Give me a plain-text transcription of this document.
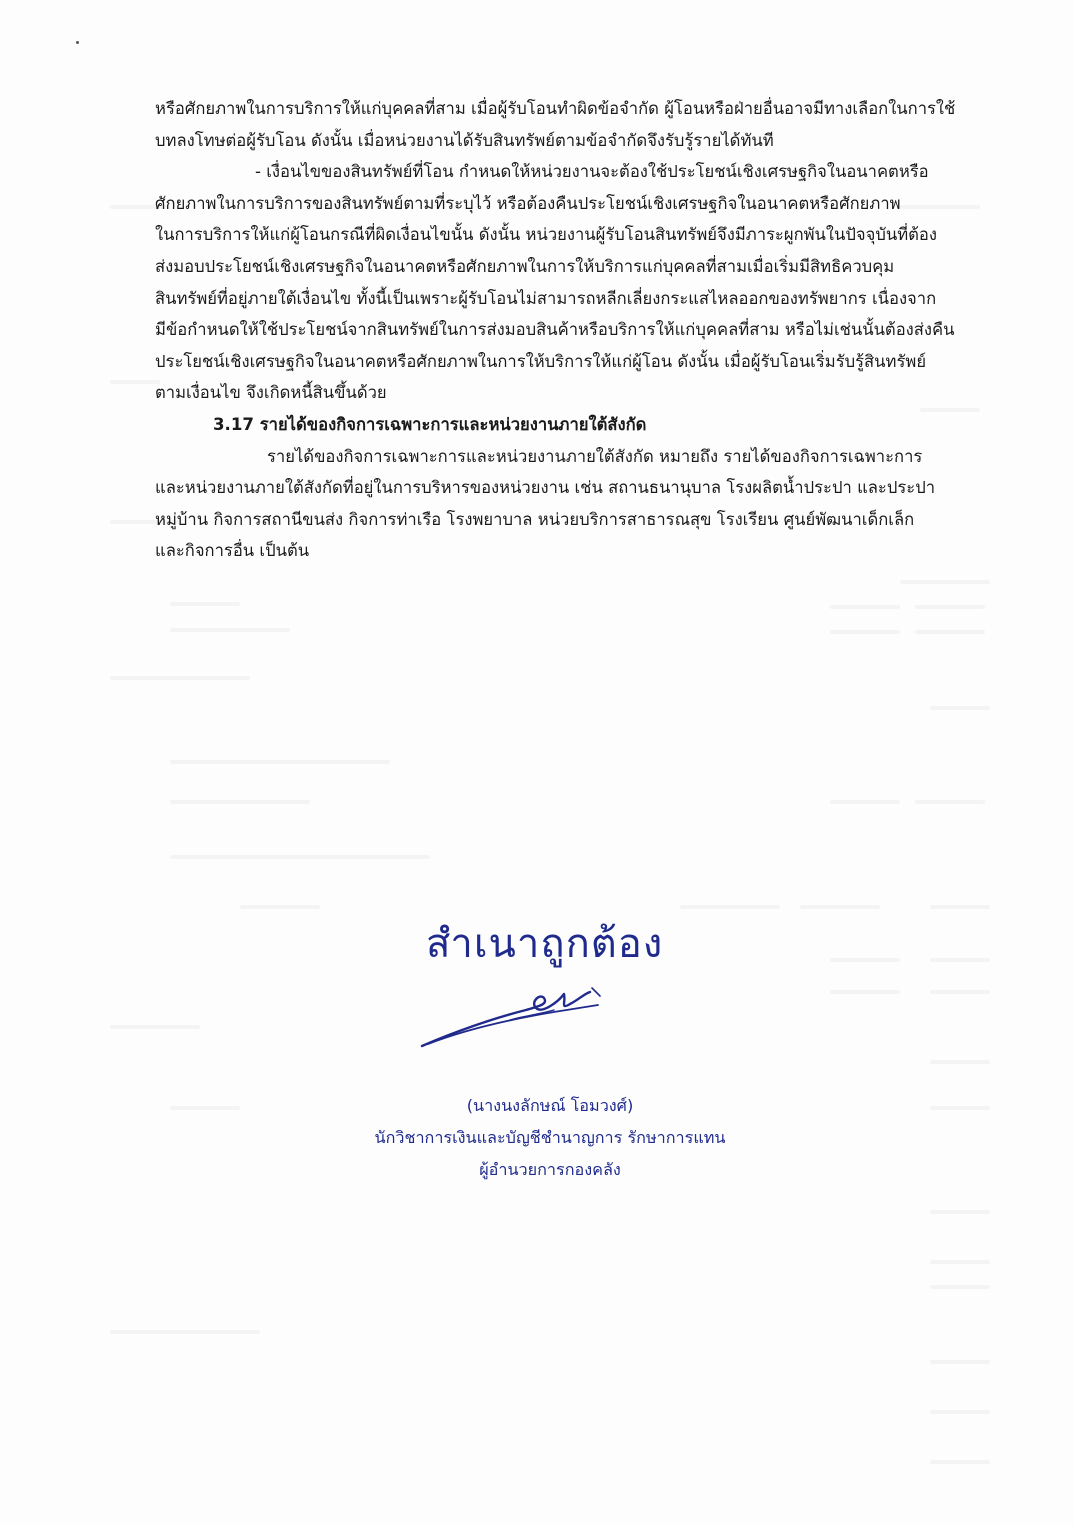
หรือศักยภาพในการบริการให้แก่บุคคลที่สาม เมื่อผู้รับโอนทำผิดข้อจำกัด ผู้โอนหรือฝ่ายอื่นอาจมีทางเลือกในการใช้
บทลงโทษต่อผู้รับโอน ดังนั้น เมื่อหน่วยงานได้รับสินทรัพย์ตามข้อจำกัดจึงรับรู้รายได้ทันที
- เงื่อนไขของสินทรัพย์ที่โอน กำหนดให้หน่วยงานจะต้องใช้ประโยชน์เชิงเศรษฐกิจในอนาคตหรือ
ศักยภาพในการบริการของสินทรัพย์ตามที่ระบุไว้ หรือต้องคืนประโยชน์เชิงเศรษฐกิจในอนาคตหรือศักยภาพ
ในการบริการให้แก่ผู้โอนกรณีที่ผิดเงื่อนไขนั้น ดังนั้น หน่วยงานผู้รับโอนสินทรัพย์จึงมีภาระผูกพันในปัจจุบันที่ต้อง
ส่งมอบประโยชน์เชิงเศรษฐกิจในอนาคตหรือศักยภาพในการให้บริการแก่บุคคลที่สามเมื่อเริ่มมีสิทธิควบคุม
สินทรัพย์ที่อยู่ภายใต้เงื่อนไข ทั้งนี้เป็นเพราะผู้รับโอนไม่สามารถหลีกเลี่ยงกระแสไหลออกของทรัพยากร เนื่องจาก
มีข้อกำหนดให้ใช้ประโยชน์จากสินทรัพย์ในการส่งมอบสินค้าหรือบริการให้แก่บุคคลที่สาม หรือไม่เช่นนั้นต้องส่งคืน
ประโยชน์เชิงเศรษฐกิจในอนาคตหรือศักยภาพในการให้บริการให้แก่ผู้โอน ดังนั้น เมื่อผู้รับโอนเริ่มรับรู้สินทรัพย์
ตามเงื่อนไข จึงเกิดหนี้สินขึ้นด้วย
3.17 รายได้ของกิจการเฉพาะการและหน่วยงานภายใต้สังกัด
รายได้ของกิจการเฉพาะการและหน่วยงานภายใต้สังกัด หมายถึง รายได้ของกิจการเฉพาะการ
และหน่วยงานภายใต้สังกัดที่อยู่ในการบริหารของหน่วยงาน เช่น สถานธนานุบาล โรงผลิตน้ำประปา และประปา
หมู่บ้าน กิจการสถานีขนส่ง กิจการท่าเรือ โรงพยาบาล หน่วยบริการสาธารณสุข โรงเรียน ศูนย์พัฒนาเด็กเล็ก
และกิจการอื่น เป็นต้น
สำเนาถูกต้อง
(นางนงลักษณ์ โอมวงศ์)
นักวิชาการเงินและบัญชีชำนาญการ รักษาการแทน
ผู้อำนวยการกองคลัง
